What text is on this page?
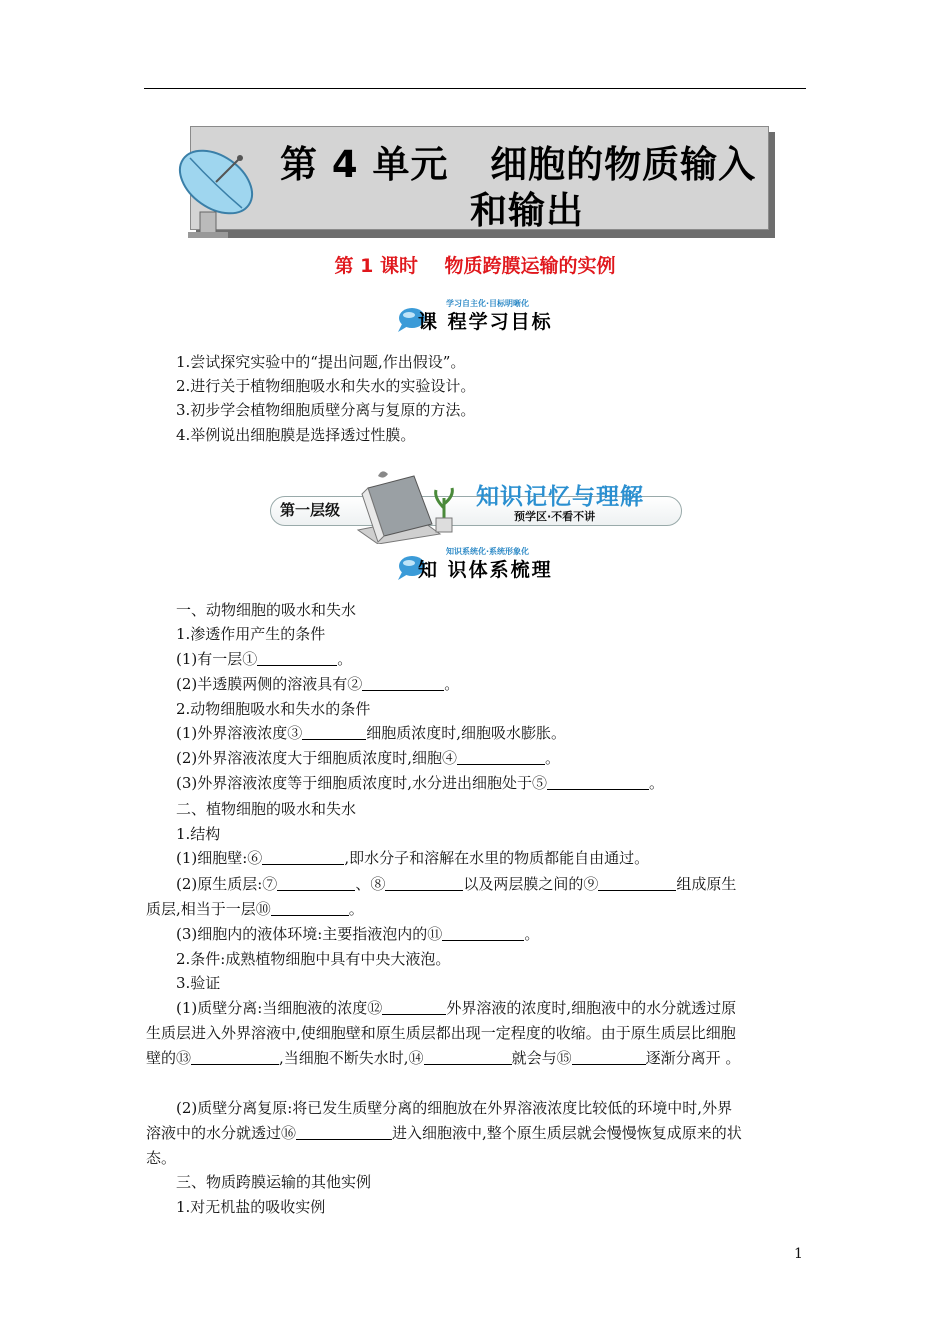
第 4 单元   细胞的物质输入
和输出
第 1 课时    物质跨膜运输的实例
学习自主化·目标明晰化
课 程学习目标
1.尝试探究实验中的“提出问题,作出假设”。
2.进行关于植物细胞吸水和失水的实验设计。
3.初步学会植物细胞质壁分离与复原的方法。
4.举例说出细胞膜是选择透过性膜。
第一层级	知识记忆与理解
预学区·不看不讲
知识系统化·系统形象化
知 识体系梳理
一、动物细胞的吸水和失水
1.渗透作用产生的条件
(1)有一层①	。
(2)半透膜两侧的溶液具有②	。
2.动物细胞吸水和失水的条件
(1)外界溶液浓度③	细胞质浓度时,细胞吸水膨胀。
(2)外界溶液浓度大于细胞质浓度时,细胞④	。
(3)外界溶液浓度等于细胞质浓度时,水分进出细胞处于⑤	。
二、植物细胞的吸水和失水
1.结构
(1)细胞壁:⑥	,即水分子和溶解在水里的物质都能自由通过。
(2)原生质层:⑦	、⑧	以及两层膜之间的⑨	组成原生
质层,相当于一层⑩	。
(3)细胞内的液体环境:主要指液泡内的⑪	。
2.条件:成熟植物细胞中具有中央大液泡。
3.验证
(1)质壁分离:当细胞液的浓度⑫	外界溶液的浓度时,细胞液中的水分就透过原
生质层进入外界溶液中,使细胞壁和原生质层都出现一定程度的收缩。由于原生质层比细胞
壁的⑬	,当细胞不断失水时,⑭	就会与⑮	逐渐分离开 。
(2)质壁分离复原:将已发生质壁分离的细胞放在外界溶液浓度比较低的环境中时,外界
溶液中的水分就透过⑯	进入细胞液中,整个原生质层就会慢慢恢复成原来的状
态。
三、物质跨膜运输的其他实例
1.对无机盐的吸收实例
1
